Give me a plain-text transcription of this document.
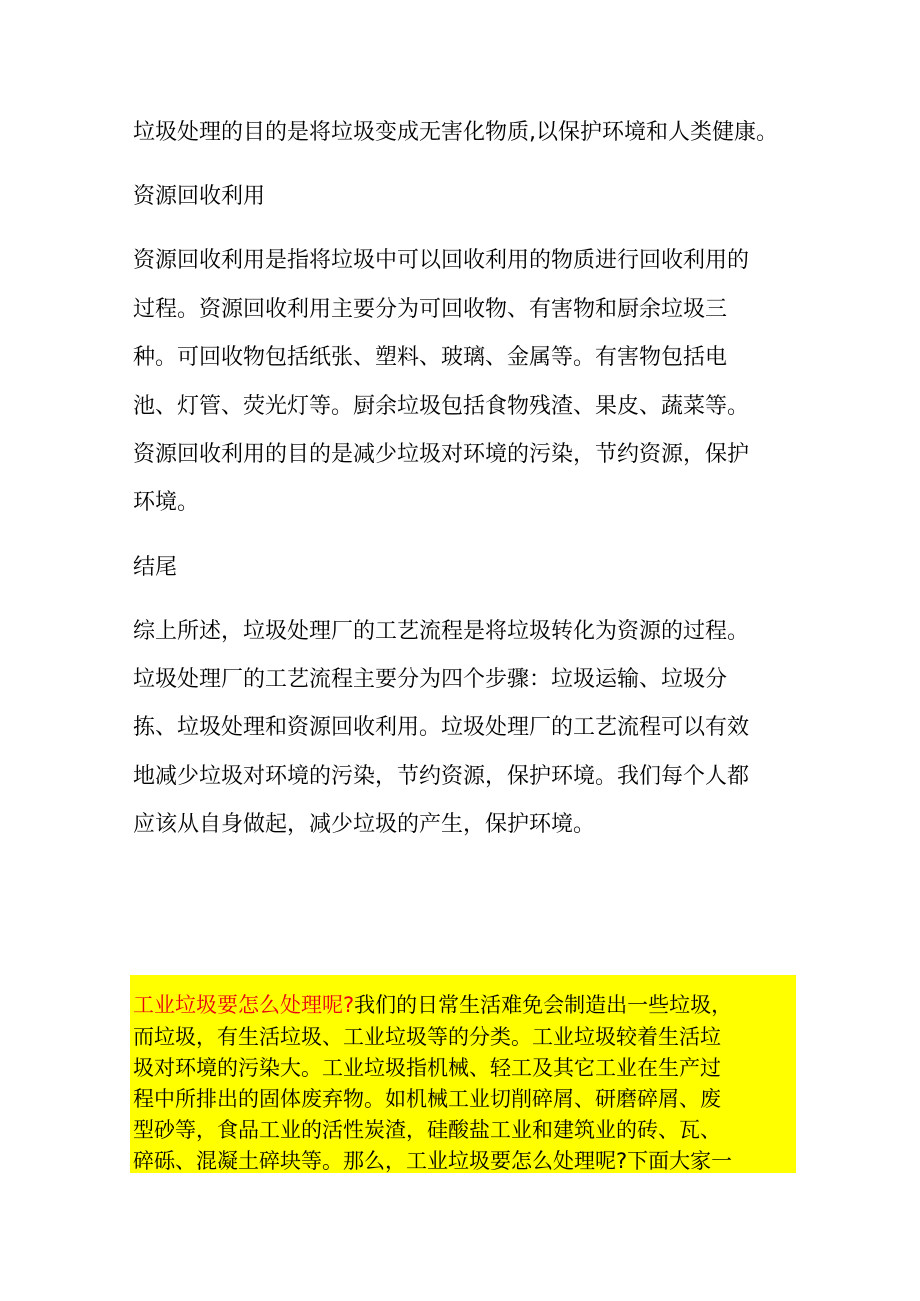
垃圾处理的目的是将垃圾变成无害化物质,以保护环境和人类健康。
资源回收利用
资源回收利用是指将垃圾中可以回收利用的物质进行回收利用的
过程。资源回收利用主要分为可回收物、有害物和厨余垃圾三
种。可回收物包括纸张、塑料、玻璃、金属等。有害物包括电
池、灯管、荧光灯等。厨余垃圾包括食物残渣、果皮、蔬菜等。
资源回收利用的目的是减少垃圾对环境的污染，节约资源，保护
环境。
结尾
综上所述，垃圾处理厂的工艺流程是将垃圾转化为资源的过程。
垃圾处理厂的工艺流程主要分为四个步骤：垃圾运输、垃圾分
拣、垃圾处理和资源回收利用。垃圾处理厂的工艺流程可以有效
地减少垃圾对环境的污染，节约资源，保护环境。我们每个人都
应该从自身做起，减少垃圾的产生，保护环境。
工业垃圾要怎么处理呢?我们的日常生活难免会制造出一些垃圾，
而垃圾，有生活垃圾、工业垃圾等的分类。工业垃圾较着生活垃
圾对环境的污染大。工业垃圾指机械、轻工及其它工业在生产过
程中所排出的固体废弃物。如机械工业切削碎屑、研磨碎屑、废
型砂等，食品工业的活性炭渣，硅酸盐工业和建筑业的砖、瓦、
碎砾、混凝土碎块等。那么，工业垃圾要怎么处理呢?下面大家一
